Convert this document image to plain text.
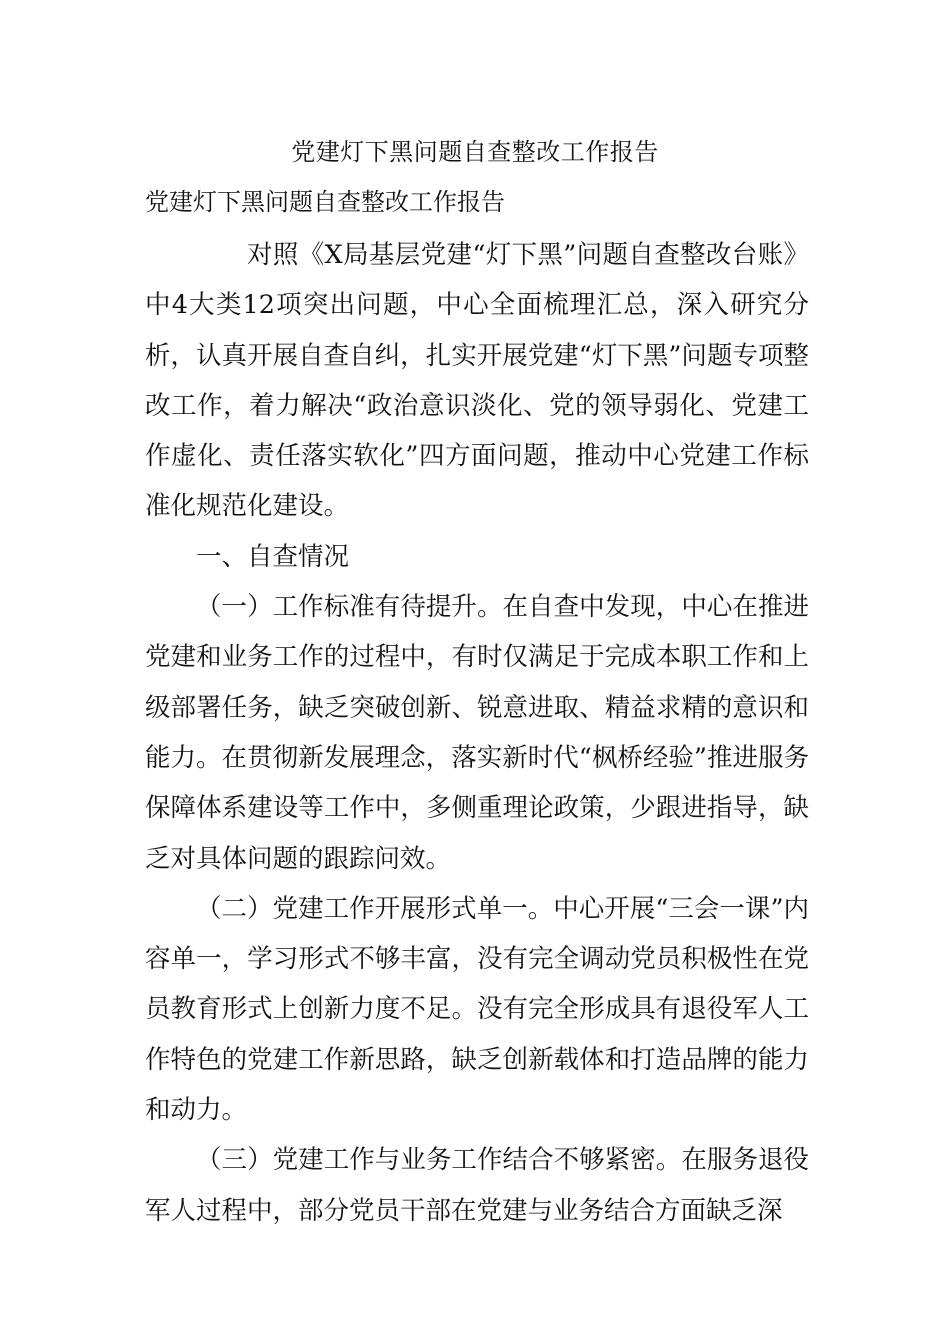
党建灯下黑问题自查整改工作报告
党建灯下黑问题自查整改工作报告

对照《X局基层党建“灯下黑”问题自查整改台账》中4大类12项突出问题，中心全面梳理汇总，深入研究分析，认真开展自查自纠，扎实开展党建“灯下黑”问题专项整改工作，着力解决“政治意识淡化、党的领导弱化、党建工作虚化、责任落实软化”四方面问题，推动中心党建工作标准化规范化建设。

一、自查情况

（一）工作标准有待提升。在自查中发现，中心在推进党建和业务工作的过程中，有时仅满足于完成本职工作和上级部署任务，缺乏突破创新、锐意进取、精益求精的意识和能力。在贯彻新发展理念，落实新时代“枫桥经验”推进服务保障体系建设等工作中，多侧重理论政策，少跟进指导，缺乏对具体问题的跟踪问效。

（二）党建工作开展形式单一。中心开展“三会一课”内容单一，学习形式不够丰富，没有完全调动党员积极性在党员教育形式上创新力度不足。没有完全形成具有退役军人工作特色的党建工作新思路，缺乏创新载体和打造品牌的能力和动力。

（三）党建工作与业务工作结合不够紧密。在服务退役军人过程中，部分党员干部在党建与业务结合方面缺乏深
